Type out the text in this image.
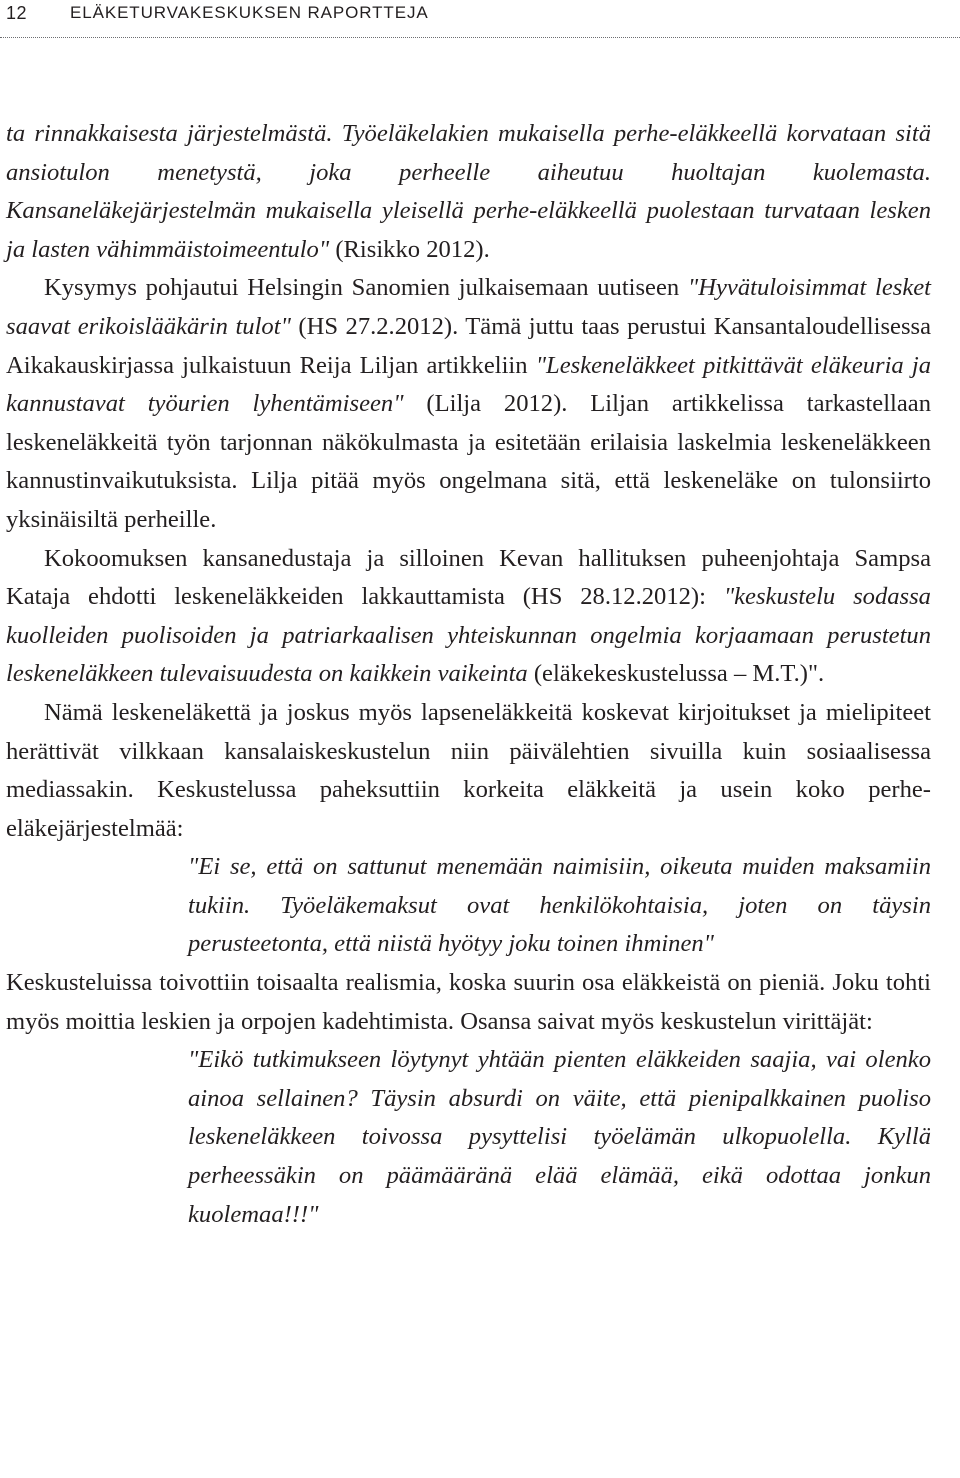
12	ELÄKETURVAKESKUKSEN RAPORTTEJA

ta rinnakkaisesta järjestelmästä. Työeläkelakien mukaisella perhe-eläkkeellä korvataan sitä ansiotulon menetystä, joka perheelle aiheutuu huoltajan kuolemasta. Kansaneläkejärjestelmän mukaisella yleisellä perhe-eläkkeellä puolestaan turvataan lesken ja lasten vähimmäistoimeentulo" (Risikko 2012).

Kysymys pohjautui Helsingin Sanomien julkaisemaan uutiseen "Hyvätuloisimmat lesket saavat erikoislääkärin tulot" (HS 27.2.2012). Tämä juttu taas perustui Kansantaloudellisessa Aikakauskirjassa julkaistuun Reija Liljan artikkeliin "Leskeneläkkeet pitkittävät eläkeuria ja kannustavat työurien lyhentämiseen" (Lilja 2012). Liljan artikkelissa tarkastellaan leskeneläkkeitä työn tarjonnan näkökulmasta ja esitetään erilaisia laskelmia leskeneläkkeen kannustinvaikutuksista. Lilja pitää myös ongelmana sitä, että leskeneläke on tulonsiirto yksinäisiltä perheille.

Kokoomuksen kansanedustaja ja silloinen Kevan hallituksen puheenjohtaja Sampsa Kataja ehdotti leskeneläkkeiden lakkauttamista (HS 28.12.2012): "keskustelu sodassa kuolleiden puolisoiden ja patriarkaalisen yhteiskunnan ongelmia korjaamaan perustetun leskeneläkkeen tulevaisuudesta on kaikkein vaikeinta (eläkekeskustelussa – M.T.)".

Nämä leskeneläkettä ja joskus myös lapseneläkkeitä koskevat kirjoitukset ja mielipiteet herättivät vilkkaan kansalaiskeskustelun niin päivälehtien sivuilla kuin sosiaalisessa mediassakin. Keskustelussa paheksuttiin korkeita eläkkeitä ja usein koko perhe-eläkejärjestelmää:

"Ei se, että on sattunut menemään naimisiin, oikeuta muiden maksamiin tukiin. Työeläkemaksut ovat henkilökohtaisia, joten on täysin perusteetonta, että niistä hyötyy joku toinen ihminen"

Keskusteluissa toivottiin toisaalta realismia, koska suurin osa eläkkeistä on pieniä. Joku tohti myös moittia leskien ja orpojen kadehtimista. Osansa saivat myös keskustelun virittäjät:

"Eikö tutkimukseen löytynyt yhtään pienten eläkkeiden saajia, vai olenko ainoa sellainen? Täysin absurdi on väite, että pienipalkkainen puoliso leskeneläkkeen toivossa pysyttelisi työelämän ulkopuolella. Kyllä perheessäkin on päämääränä elää elämää, eikä odottaa jonkun kuolemaa!!!"
